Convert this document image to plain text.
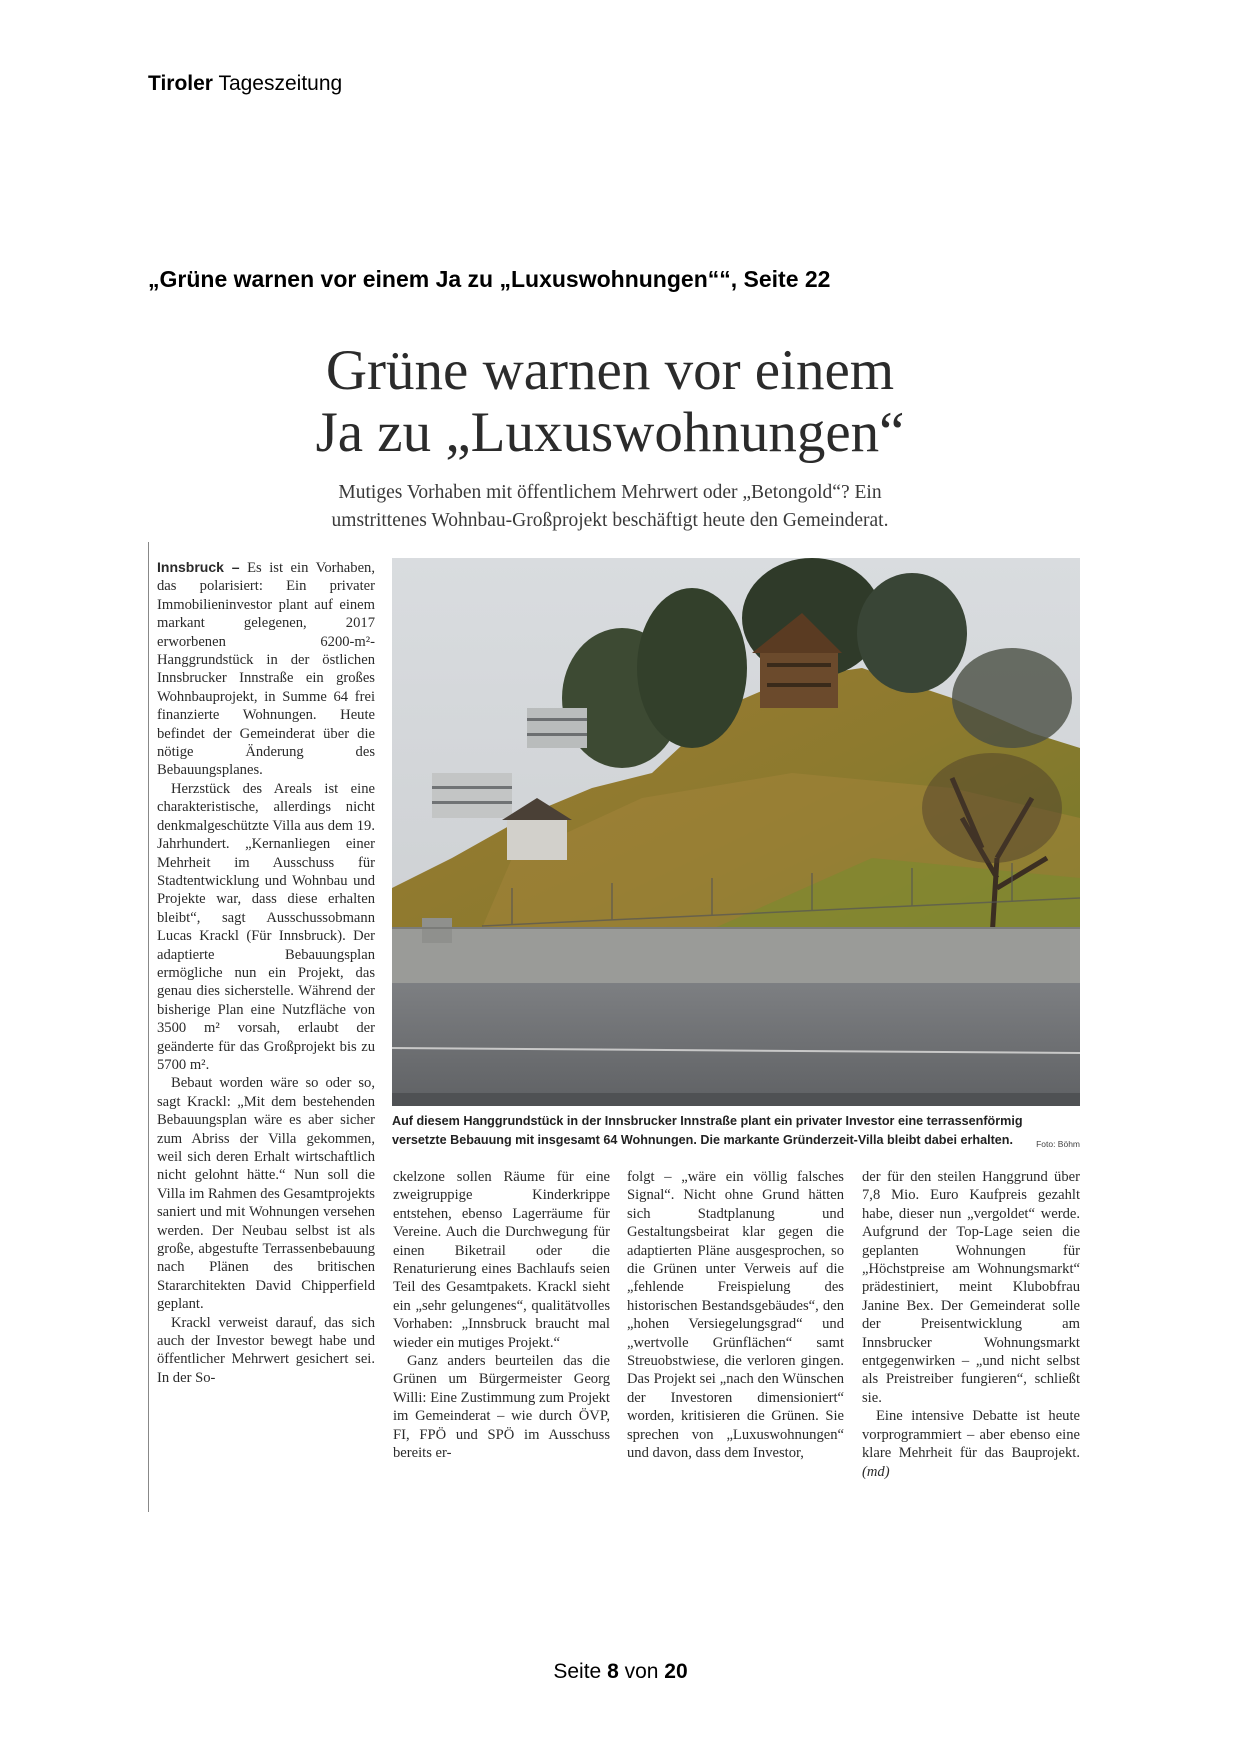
Tiroler Tageszeitung
„Grüne warnen vor einem Ja zu „Luxuswohnungen““, Seite 22
Grüne warnen vor einem
Ja zu „Luxuswohnungen“
Mutiges Vorhaben mit öffentlichem Mehrwert oder „Betongold“? Ein
umstrittenes Wohnbau-Großprojekt beschäftigt heute den Gemeinderat.

Innsbruck – Es ist ein Vorhaben, das polarisiert: Ein privater Immobilieninvestor plant auf einem markant gelegenen, 2017 erworbenen 6200-m²-Hanggrundstück in der östlichen Innsbrucker Innstraße ein großes Wohnbauprojekt, in Summe 64 frei finanzierte Wohnungen. Heute befindet der Gemeinderat über die nötige Änderung des Bebauungsplanes.

Herzstück des Areals ist eine charakteristische, allerdings nicht denkmalgeschützte Villa aus dem 19. Jahrhundert. „Kernanliegen einer Mehrheit im Ausschuss für Stadtentwicklung und Wohnbau und Projekte war, dass diese erhalten bleibt“, sagt Ausschussobmann Lucas Krackl (Für Innsbruck). Der adaptierte Bebauungsplan ermögliche nun ein Projekt, das genau dies sicherstelle. Während der bisherige Plan eine Nutzfläche von 3500 m² vorsah, erlaubt der geänderte für das Großprojekt bis zu 5700 m².

Bebaut worden wäre so oder so, sagt Krackl: „Mit dem bestehenden Bebauungsplan wäre es aber sicher zum Abriss der Villa gekommen, weil sich deren Erhalt wirtschaftlich nicht gelohnt hätte.“ Nun soll die Villa im Rahmen des Gesamtprojekts saniert und mit Wohnungen versehen werden. Der Neubau selbst ist als große, abgestufte Terrassenbebauung nach Plänen des britischen Stararchitekten David Chipperfield geplant.

Krackl verweist darauf, das sich auch der Investor bewegt habe und öffentlicher Mehrwert gesichert sei. In der So-

Auf diesem Hanggrundstück in der Innsbrucker Innstraße plant ein privater Investor eine terrassenförmig versetzte Bebauung mit insgesamt 64 Wohnungen. Die markante Gründerzeit-Villa bleibt dabei erhalten.	Foto: Böhm

ckelzone sollen Räume für eine zweigruppige Kinderkrippe entstehen, ebenso Lagerräume für Vereine. Auch die Durchwegung für einen Biketrail oder die Renaturierung eines Bachlaufs seien Teil des Gesamtpakets. Krackl sieht ein „sehr gelungenes“, qualitätvolles Vorhaben: „Innsbruck braucht mal wieder ein mutiges Projekt.“

Ganz anders beurteilen das die Grünen um Bürgermeister Georg Willi: Eine Zustimmung zum Projekt im Gemeinderat – wie durch ÖVP, FI, FPÖ und SPÖ im Ausschuss bereits er-

folgt – „wäre ein völlig falsches Signal“. Nicht ohne Grund hätten sich Stadtplanung und Gestaltungsbeirat klar gegen die adaptierten Pläne ausgesprochen, so die Grünen unter Verweis auf die „fehlende Freispielung des historischen Bestandsgebäudes“, den „hohen Versiegelungsgrad“ und „wertvolle Grünflächen“ samt Streuobstwiese, die verloren gingen. Das Projekt sei „nach den Wünschen der Investoren dimensioniert“ worden, kritisieren die Grünen. Sie sprechen von „Luxuswohnungen“ und davon, dass dem Investor,

der für den steilen Hanggrund über 7,8 Mio. Euro Kaufpreis gezahlt habe, dieser nun „vergoldet“ werde. Aufgrund der Top-Lage seien die geplanten Wohnungen für „Höchstpreise am Wohnungsmarkt“ prädestiniert, meint Klubobfrau Janine Bex. Der Gemeinderat solle der Preisentwicklung am Innsbrucker Wohnungsmarkt entgegenwirken – „und nicht selbst als Preistreiber fungieren“, schließt sie.

Eine intensive Debatte ist heute vorprogrammiert – aber ebenso eine klare Mehrheit für das Bauprojekt. (md)

Seite 8 von 20
